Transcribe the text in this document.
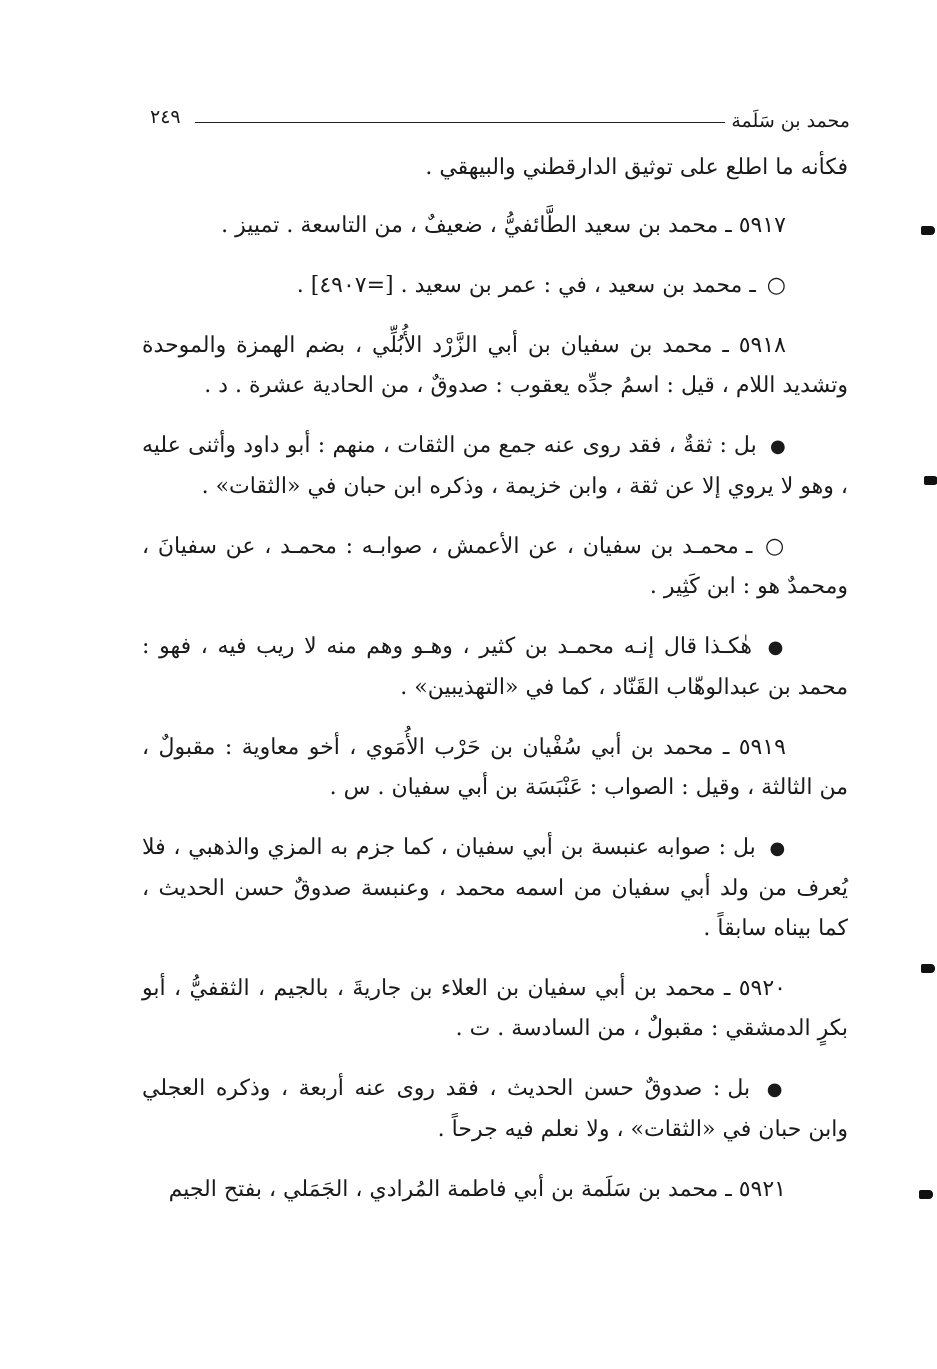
محمد بن سَلَمة
٢٤٩

فكأنه ما اطلع على توثيق الدارقطني والبيهقي .

٥٩١٧ ـ محمد بن سعيد الطَّائفيُّ ، ضعيفٌ ، من التاسعة . تمييز .

○ ـ محمد بن سعيد ، في : عمر بن سعيد . [=٤٩٠٧] .

٥٩١٨ ـ محمد بن سفيان بن أبي الزَّرْد الأُبُلِّي ، بضم الهمزة والموحدة وتشديد اللام ، قيل : اسمُ جدِّه يعقوب : صدوقٌ ، من الحادية عشرة . د .

● بل : ثقةٌ ، فقد روى عنه جمع من الثقات ، منهم : أبو داود وأثنى عليه ، وهو لا يروي إلا عن ثقة ، وابن خزيمة ، وذكره ابن حبان في «الثقات» .

○ ـ محمـد بن سفيان ، عن الأعمش ، صوابـه : محمـد ، عن سفيانَ ، ومحمدٌ هو : ابن كَثِير .

● هٰكـذا قال إنـه محمـد بن كثير ، وهـو وهم منه لا ريب فيه ، فهو : محمد بن عبدالوهّاب القَنّاد ، كما في «التهذيبين» .

٥٩١٩ ـ محمد بن أبي سُفْيان بن حَرْب الأُمَوي ، أخو معاوية : مقبولٌ ، من الثالثة ، وقيل : الصواب : عَنْبَسَة بن أبي سفيان . س .

● بل : صوابه عنبسة بن أبي سفيان ، كما جزم به المزي والذهبي ، فلا يُعرف من ولد أبي سفيان من اسمه محمد ، وعنبسة صدوقٌ حسن الحديث ، كما بيناه سابقاً .

٥٩٢٠ ـ محمد بن أبي سفيان بن العلاء بن جاريةَ ، بالجيم ، الثقفيُّ ، أبو بكرٍ الدمشقي : مقبولٌ ، من السادسة . ت .

● بل : صدوقٌ حسن الحديث ، فقد روى عنه أربعة ، وذكره العجلي وابن حبان في «الثقات» ، ولا نعلم فيه جرحاً .

٥٩٢١ ـ محمد بن سَلَمة بن أبي فاطمة المُرادي ، الجَمَلي ، بفتح الجيم
